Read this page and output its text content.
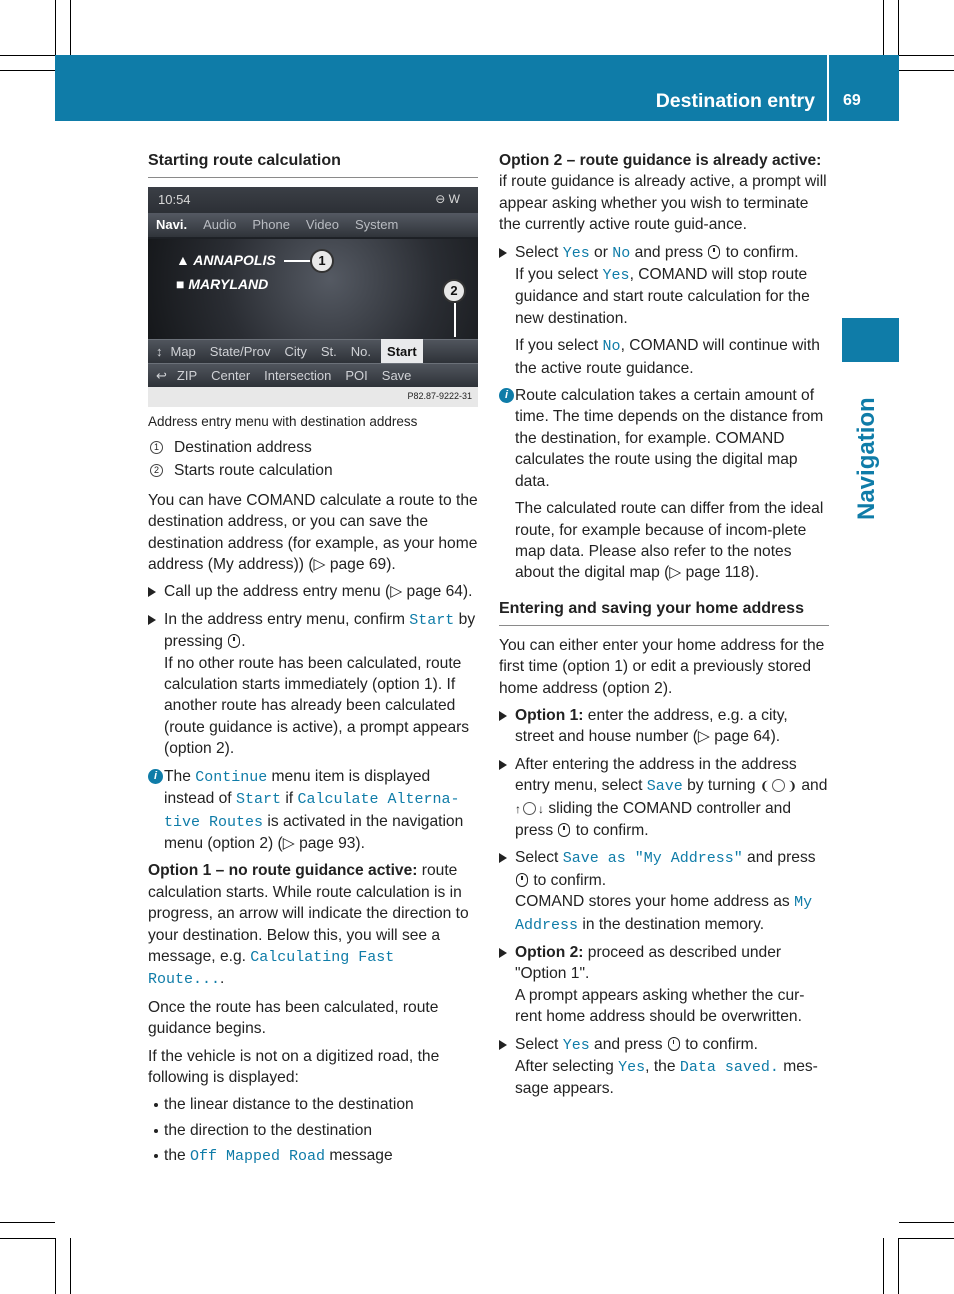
Destination entry 69
Navigation
Starting route calculation
10:54	⊖ W
Navi. Audio Phone Video System
▲ ANNAPOLIS
■ MARYLAND
1
2
↕ Map State/Prov City St. No.	Start
↩ ZIP Center Intersection POI Save
P82.87-9222-31
Address entry menu with destination address
1 Destination address
2 Starts route calculation

You can have COMAND calculate a route to the destination address, or you can save the destination address (for example, as your home address (My address)) (▷ page 69).

Call up the address entry menu (▷ page 64).
In the address entry menu, confirm Start by pressing .
If no other route has been calculated, route calculation starts immediately (option 1). If another route has already been calculated (route guidance is active), a prompt appears (option 2).
i The Continue menu item is displayed instead of Start if Calculate Alterna-tive Routes is activated in the navigation menu (option 2) (▷ page 93).

Option 1 – no route guidance active: route calculation starts. While route calculation is in progress, an arrow will indicate the direction to your destination. Below this, you will see a message, e.g. Calculating Fast Route....

Once the route has been calculated, route guidance begins.

If the vehicle is not on a digitized road, the following is displayed:

the linear distance to the destination
the direction to the destination
the Off Mapped Road message

Option 2 – route guidance is already active: if route guidance is already active, a prompt will appear asking whether you wish to terminate the currently active route guid-ance.

Select Yes or No and press  to confirm.
If you select Yes, COMAND will stop route guidance and start route calculation for the new destination.
If you select No, COMAND will continue with the active route guidance.
i Route calculation takes a certain amount of time. The time depends on the distance from the destination, for example. COMAND calculates the route using the digital map data.
The calculated route can differ from the ideal route, for example because of incom-plete map data. Please also refer to the notes about the digital map (▷ page 118).
Entering and saving your home address

You can either enter your home address for the first time (option 1) or edit a previously stored home address (option 2).

Option 1: enter the address, e.g. a city, street and house number (▷ page 64).
After entering the address in the address entry menu, select Save by turning ❨ ❩ and ↑ ↓ sliding the COMAND controller and press  to confirm.
Select Save as "My Address" and press
to confirm.
COMAND stores your home address as My Address in the destination memory.
Option 2: proceed as described under "Option 1".
A prompt appears asking whether the cur-rent home address should be overwritten.
Select Yes and press  to confirm.
After selecting Yes, the Data saved. mes-sage appears.
